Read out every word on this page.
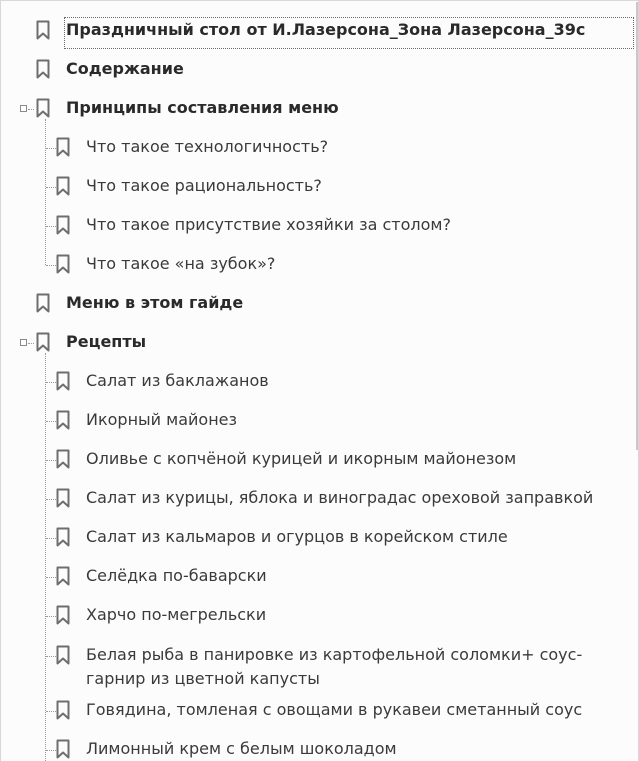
Праздничный стол от И.Лазерсона_Зона Лазерсона_39с
Содержание
Принципы составления меню
Что такое технологичность?
Что такое рациональность?
Что такое присутствие хозяйки за столом?
Что такое «на зубок»?
Меню в этом гайде
Рецепты
Салат из баклажанов
Икорный майонез
Оливье с копчёной курицей и икорным майонезом
Салат из курицы, яблока и виноградас ореховой заправкой
Салат из кальмаров и огурцов в корейском стиле
Селёдка по-баварски
Харчо по-мегрельски
Белая рыба в панировке из картофельной соломки+ соус-гарнир из цветной капусты
Говядина, томленая с овощами в рукавеи сметанный соус
Лимонный крем с белым шоколадом
